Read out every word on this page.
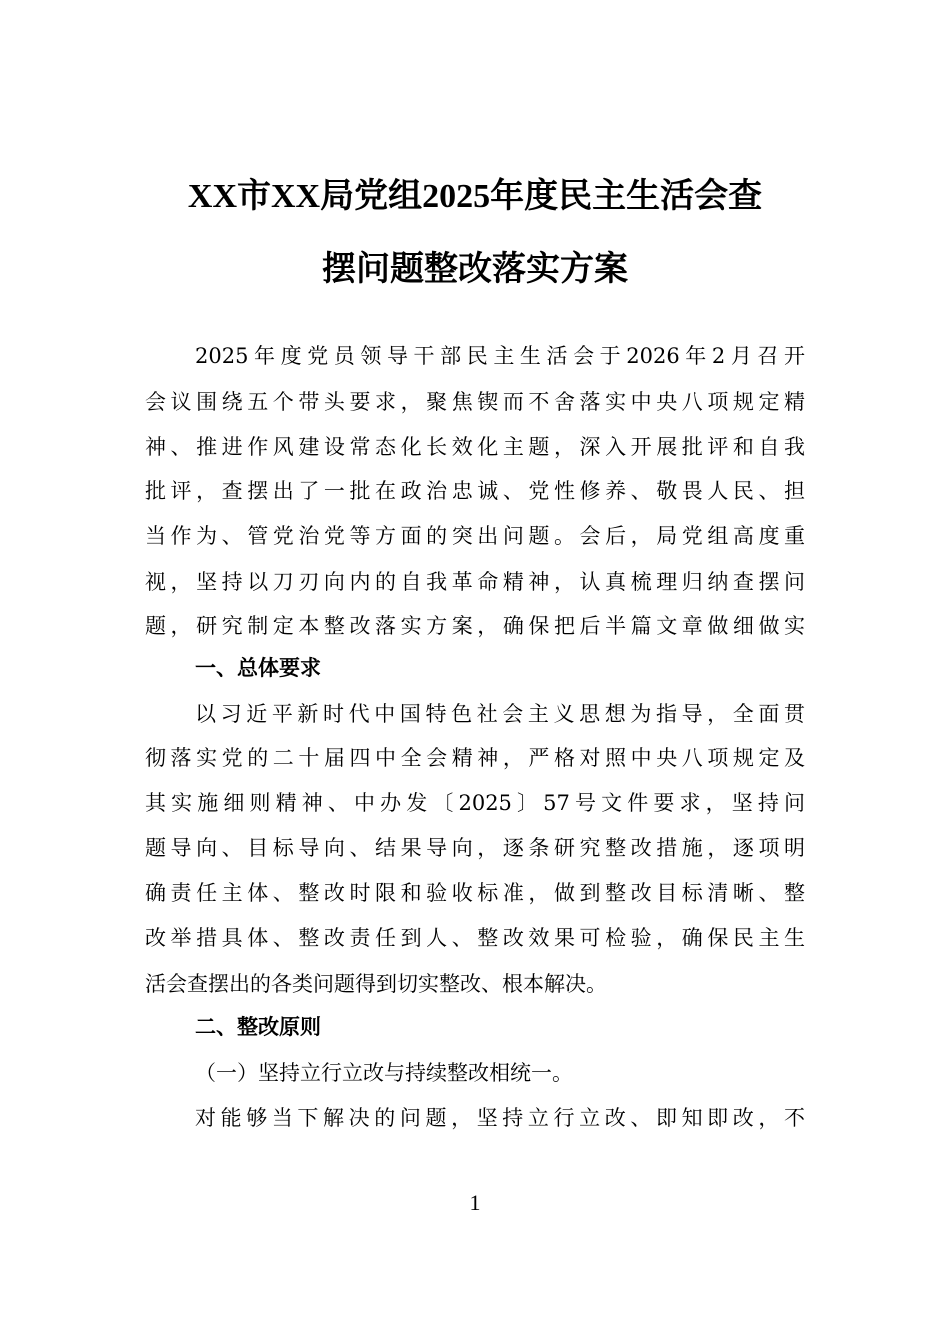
XX市XX局党组2025年度民主生活会查
摆问题整改落实方案
2025年度党员领导干部民主生活会于2026年2月召开
会议围绕五个带头要求，聚焦锲而不舍落实中央八项规定精
神、推进作风建设常态化长效化主题，深入开展批评和自我
批评，查摆出了一批在政治忠诚、党性修养、敬畏人民、担
当作为、管党治党等方面的突出问题。会后，局党组高度重
视，坚持以刀刃向内的自我革命精神，认真梳理归纳查摆问
题，研究制定本整改落实方案，确保把后半篇文章做细做实
一、总体要求
以习近平新时代中国特色社会主义思想为指导，全面贯
彻落实党的二十届四中全会精神，严格对照中央八项规定及
其实施细则精神、中办发〔2025〕57号文件要求，坚持问
题导向、目标导向、结果导向，逐条研究整改措施，逐项明
确责任主体、整改时限和验收标准，做到整改目标清晰、整
改举措具体、整改责任到人、整改效果可检验，确保民主生
活会查摆出的各类问题得到切实整改、根本解决。
二、整改原则
（一）坚持立行立改与持续整改相统一。
对能够当下解决的问题，坚持立行立改、即知即改，不
1
